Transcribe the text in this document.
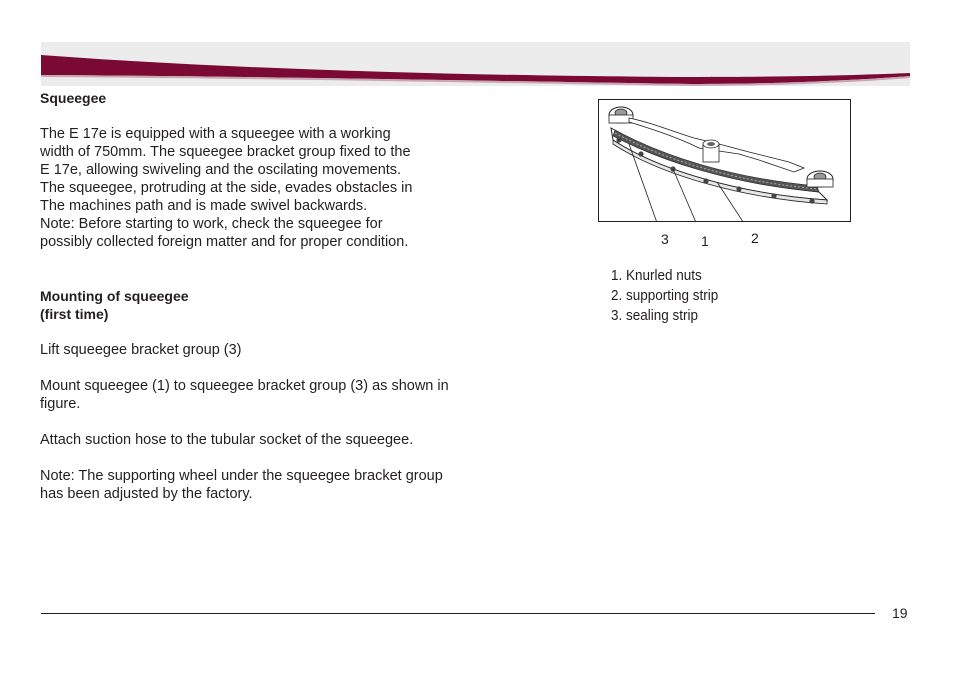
Squeegee

The E 17e is equipped with a squeegee with a working

width of 750mm. The squeegee bracket group fixed to the

E 17e, allowing swiveling and the oscilating movements.

The squeegee, protruding at the side, evades obstacles in

The machines path and is made swivel backwards.

Note: Before starting to work, check the squeegee for

possibly collected foreign matter and for proper condition.

Mounting of squeegee

(first time)

Lift squeegee bracket group (3)

Mount squeegee (1) to squeegee bracket group (3) as shown in

figure.

Attach suction hose to the tubular socket of the squeegee.

Note: The supporting wheel under the squeegee bracket group

has been adjusted by the factory.

3 1	2
1. Knurled nuts
2. supporting strip
3. sealing strip
19
